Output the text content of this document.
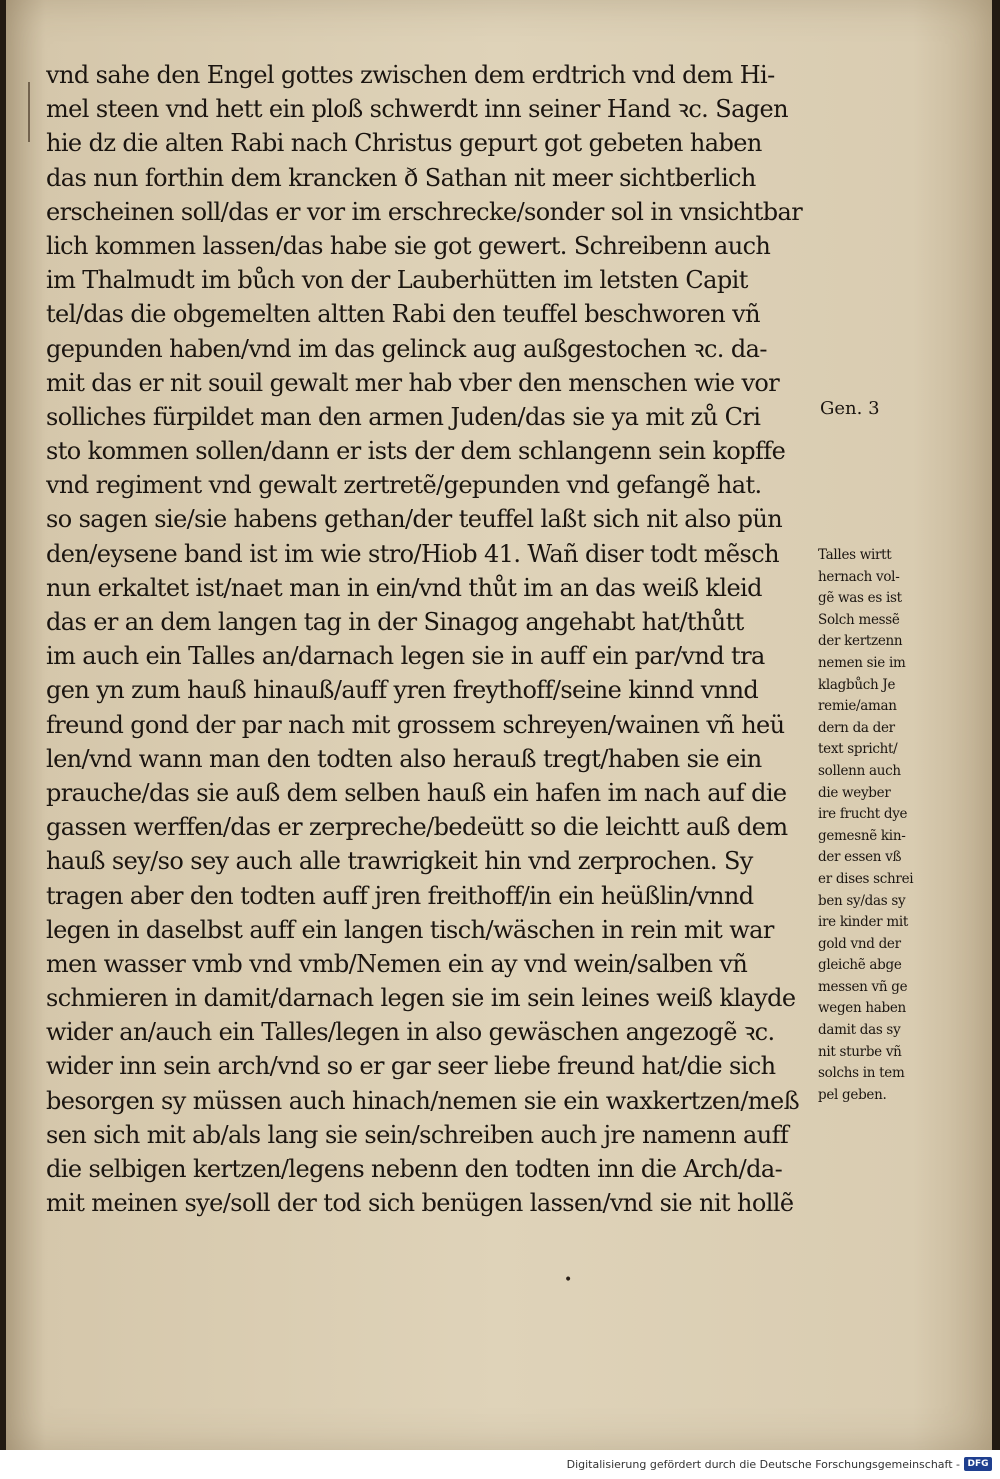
vnd sahe den Engel gottes zwischen dem erdtrich vnd dem Hi-
mel steen vnd hett ein ploß schwerdt inn seiner Hand ꝛc. Sagen
hie dz die alten Rabi nach Christus gepurt got gebeten haben
das nun forthin dem krancken ð Sathan nit meer sichtberlich
erscheinen soll/das er vor im erschrecke/sonder sol in vnsichtbar
lich kommen lassen/das habe sie got gewert. Schreibenn auch
im Thalmudt im bůch von der Lauberhütten im letsten Capit
tel/das die obgemelten altten Rabi den teuffel beschworen vñ
gepunden haben/vnd im das gelinck aug außgestochen ꝛc. da-
mit das er nit souil gewalt mer hab vber den menschen wie vor
solliches fürpildet man den armen Juden/das sie ya mit zů Cri
sto kommen sollen/dann er ists der dem schlangenn sein kopffe
vnd regiment vnd gewalt zertretẽ/gepunden vnd gefangẽ hat.
so sagen sie/sie habens gethan/der teuffel laßt sich nit also pün
den/eysene band ist im wie stro/Hiob 41. Wañ diser todt mẽsch
nun erkaltet ist/naet man in ein/vnd thůt im an das weiß kleid
das er an dem langen tag in der Sinagog angehabt hat/thůtt
im auch ein Talles an/darnach legen sie in auff ein par/vnd tra
gen yn zum hauß hinauß/auff yren freythoff/seine kinnd vnnd
freund gond der par nach mit grossem schreyen/wainen vñ heü
len/vnd wann man den todten also herauß tregt/haben sie ein
prauche/das sie auß dem selben hauß ein hafen im nach auf die
gassen werffen/das er zerpreche/bedeütt so die leichtt auß dem
hauß sey/so sey auch alle trawrigkeit hin vnd zerprochen. Sy
tragen aber den todten auff jren freithoff/in ein heüßlin/vnnd
legen in daselbst auff ein langen tisch/wäschen in rein mit war
men wasser vmb vnd vmb/Nemen ein ay vnd wein/salben vñ
schmieren in damit/darnach legen sie im sein leines weiß klayde
wider an/auch ein Talles/legen in also gewäschen angezogẽ ꝛc.
wider inn sein arch/vnd so er gar seer liebe freund hat/die sich
besorgen sy müssen auch hinach/nemen sie ein waxkertzen/meß
sen sich mit ab/als lang sie sein/schreiben auch jre namenn auff
die selbigen kertzen/legens nebenn den todten inn die Arch/da-
mit meinen sye/soll der tod sich benügen lassen/vnd sie nit hollẽ
Gen. 3
Talles wirtt
hernach vol-
gẽ was es ist
Solch messẽ
der kertzenn
nemen sie im
klagbůch Je
remie/aman
dern da der
text spricht/
sollenn auch
die weyber
ire frucht dye
gemesnẽ kin-
der essen vß
er dises schrei
ben sy/das sy
ire kinder mit
gold vnd der
gleichẽ abge
messen vñ ge
wegen haben
damit das sy
nit sturbe vñ
solchs in tem
pel geben.
•
Digitalisierung gefördert durch die Deutsche Forschungsgemeinschaft - DFG
